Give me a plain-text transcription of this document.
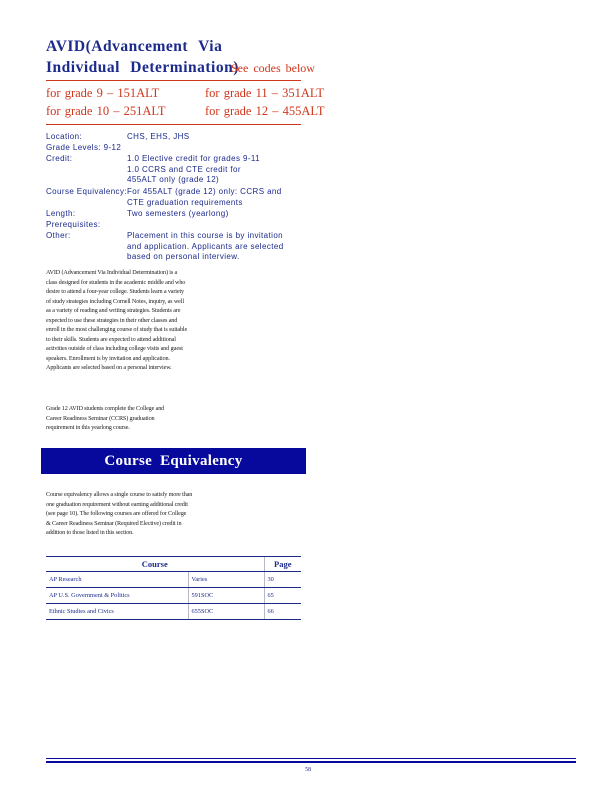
AVID(Advancement Via
Individual Determination)
See codes below
for grade 9 – 151ALT	for grade 11 – 351ALT
for grade 10 – 251ALT	for grade 12 – 455ALT
Location:	CHS, EHS, JHS
Grade Levels: 9-12
Credit:	1.0 Elective credit for grades 9-11
1.0 CCRS and CTE credit for
455ALT only (grade 12)
Course Equivalency: For 455ALT (grade 12) only: CCRS and
CTE graduation requirements
Length:	Two semesters (yearlong)
Prerequisites:
Other:	Placement in this course is by invitation
and application. Applicants are selected
based on personal interview.
AVID (Advancement Via Individual Determination) is a
class designed for students in the academic middle and who
desire to attend a four-year college. Students learn a variety
of study strategies including Cornell Notes, inquiry, as well
as a variety of reading and writing strategies. Students are
expected to use these strategies in their other classes and
enroll in the most challenging course of study that is suitable
to their skills. Students are expected to attend additional
activities outside of class including college visits and guest
speakers. Enrollment is by invitation and application.
Applicants are selected based on a personal interview.
Grade 12 AVID students complete the College and
Career Readiness Seminar (CCRS) graduation
requirement in this yearlong course.
Course Equivalency
Course equivalency allows a single course to satisfy more than
one graduation requirement without earning additional credit
(see page 10). The following courses are offered for College
& Career Readiness Seminar (Required Elective) credit in
addition to those listed in this section.
Course		Page
AP Research	Varies	30
AP U.S. Government & Politics	591SOC	65
Ethnic Studies and Civics	655SOC	66
58
